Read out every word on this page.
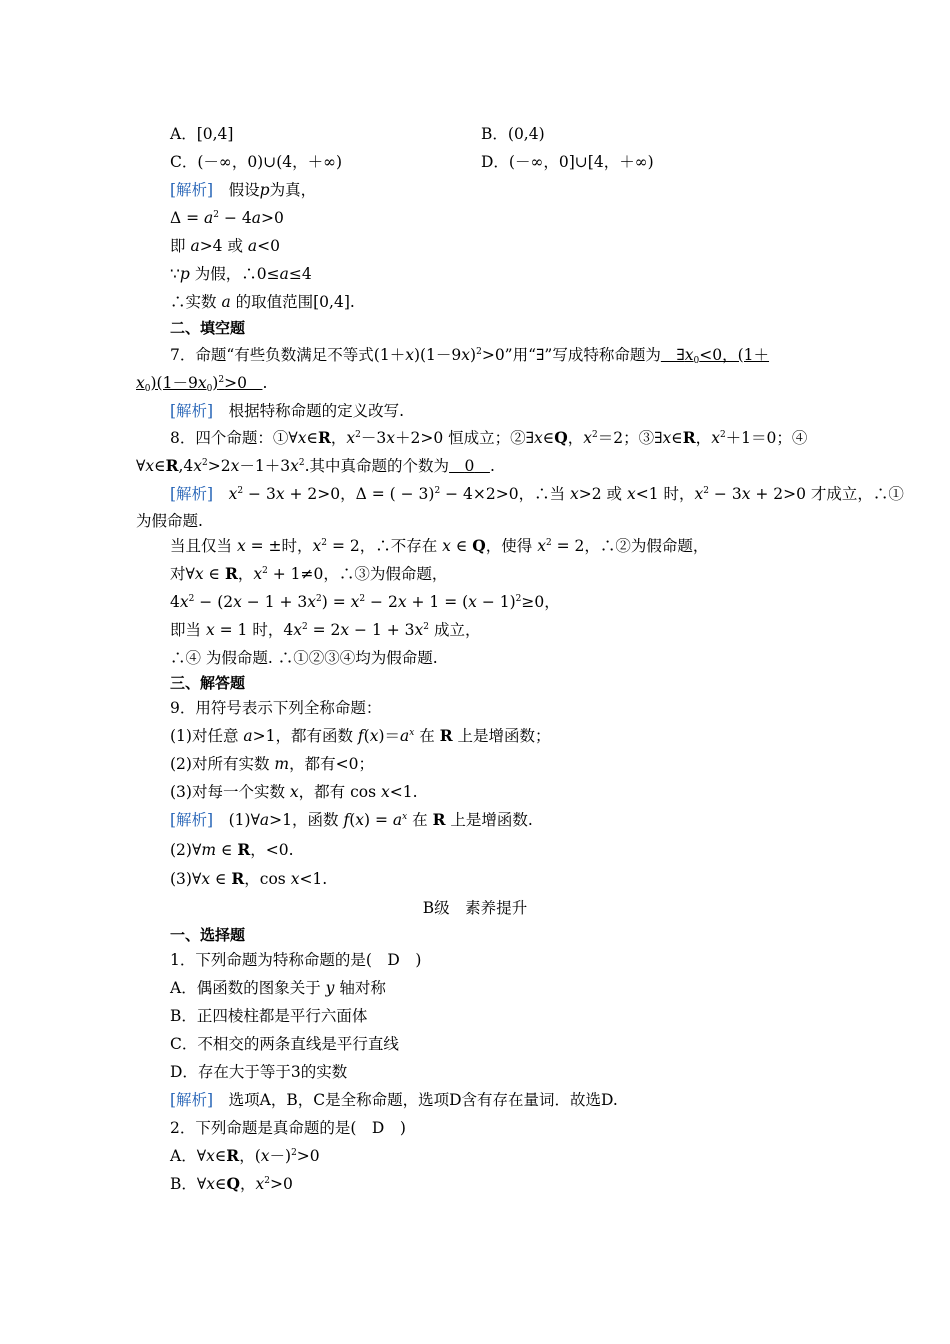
A．[0,4]	B．(0,4)
C．(－∞，0)∪(4，＋∞)	D．(－∞，0]∪[4，＋∞)
[解析]　 假设p为真，
$\Delta = a^2 - 4a>0$
即 a>4 或 a<0
∵p 为假，∴0≤a≤4
∴实数 a 的取值范围[0,4].
二、填空题
7．命题“有些负数满足不等式$(1+x)(1-9x)^2>0$”用“∃”写成特称命题为　$\exists x_0<0$，(1＋
$x_0)(1-9x_0)^2>0$　.
[解析]　 根据特称命题的定义改写.
8．四个命题：①∀x∈R，$x^2-3x+2>0$ 恒成立；②∃x∈Q，$x^2=2$；③∃x∈R，$x^2+1=0$；④
$\forall x\in R,4x^2>2x-1+3x^2$.其中真命题的个数为　 0　 .
[解析]　 $x^2 - 3x + 2>0$，Δ = ( − 3)$^2$ − 4×2>0，∴当 x>2 或 x<1 时，$x^2 - 3x + 2>0$ 才成立，∴①
为假命题.
当且仅当 x = ±时，$x^2 = 2$，∴不存在 x ∈ Q，使得 $x^2 = 2$，∴②为假命题，
对∀x ∈ R，$x^2 + 1\ne 0$，∴③为假命题，
$4x^2 - (2x - 1 + 3x^2) = x^2 - 2x + 1 = (x - 1)^2\ge 0$，
即当 x = 1 时，$4x^2 = 2x - 1 + 3x^2$ 成立，
∴④ 为假命题. ∴①②③④均为假命题.
三、解答题
9．用符号表示下列全称命题：
(1)对任意 a>1，都有函数 $f(x)=a^x$ 在 R 上是增函数；
(2)对所有实数 m，都有<0；
(3)对每一个实数 x，都有 cos x<1.
[解析]　(1)∀a>1，函数 $f(x) = a^x$ 在 R 上是增函数.
(2)∀m ∈ R，<0.
(3)∀x ∈ R，cos x<1.
B级　素养提升
一、选择题
1．下列命题为特称命题的是(　D　)
A．偶函数的图象关于 y 轴对称
B．正四棱柱都是平行六面体
C．不相交的两条直线是平行直线
D．存在大于等于3的实数
[解析]　 选项A，B，C是全称命题，选项D含有存在量词．故选D.
2．下列命题是真命题的是(　D　)
A．∀x∈R，$(x-)^2>0$
B．∀x∈Q，$x^2>0$
